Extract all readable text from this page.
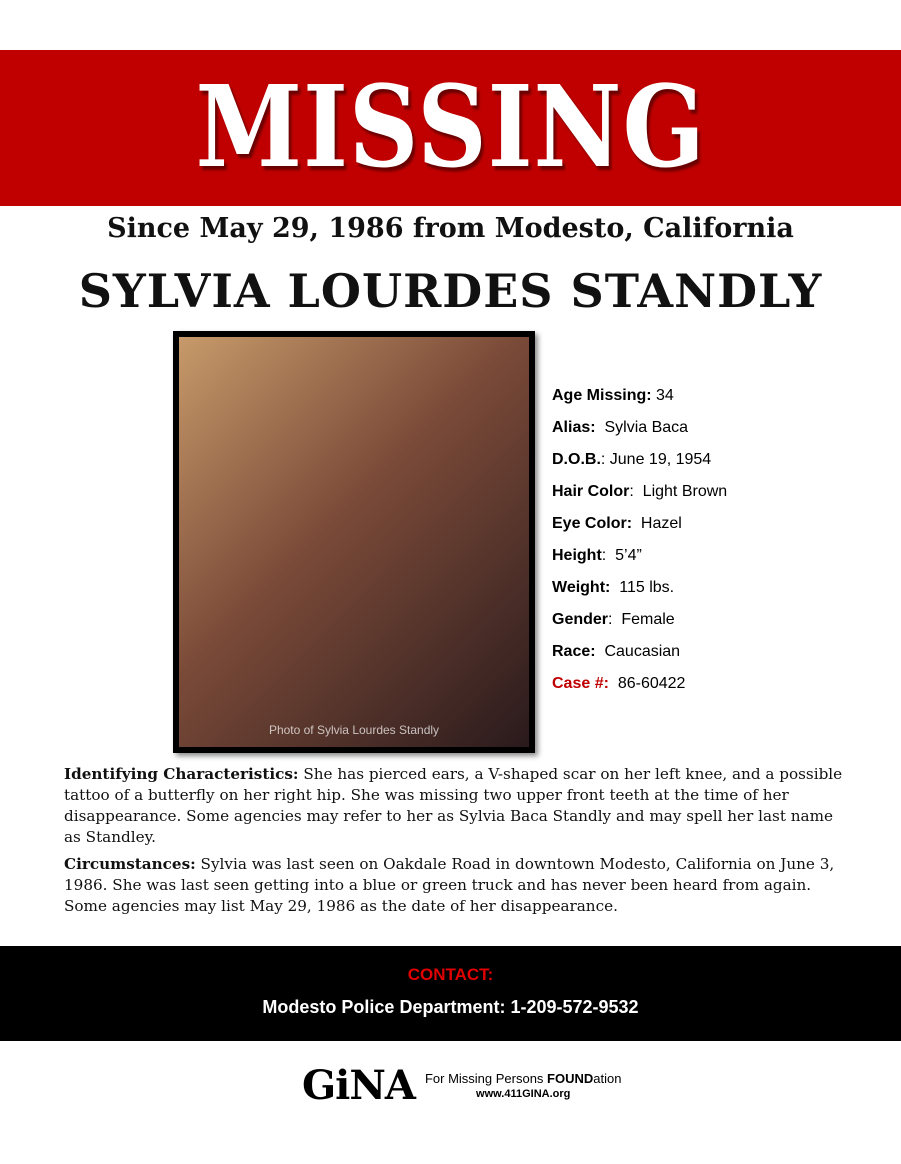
MISSING
Since May 29, 1986 from Modesto, California
SYLVIA LOURDES STANDLY
Photo of Sylvia Lourdes Standly
Age Missing: 34
Alias:  Sylvia Baca
D.O.B.: June 19, 1954
Hair Color:  Light Brown
Eye Color:  Hazel
Height:  5’4”
Weight:  115 lbs.
Gender:  Female
Race:  Caucasian
Case #:  86-60422

Identifying Characteristics: She has pierced ears, a V-shaped scar on her left knee, and a possible tattoo of a butterfly on her right hip. She was missing two upper front teeth at the time of her disappearance. Some agencies may refer to her as Sylvia Baca Standly and may spell her last name as Standley.

Circumstances: Sylvia was last seen on Oakdale Road in downtown Modesto, California on June 3, 1986. She was last seen getting into a blue or green truck and has never been heard from again. Some agencies may list May 29, 1986 as the date of her disappearance.

CONTACT:
Modesto Police Department: 1-209-572-9532
GiNA For Missing Persons FOUNDation
www.411GINA.org
